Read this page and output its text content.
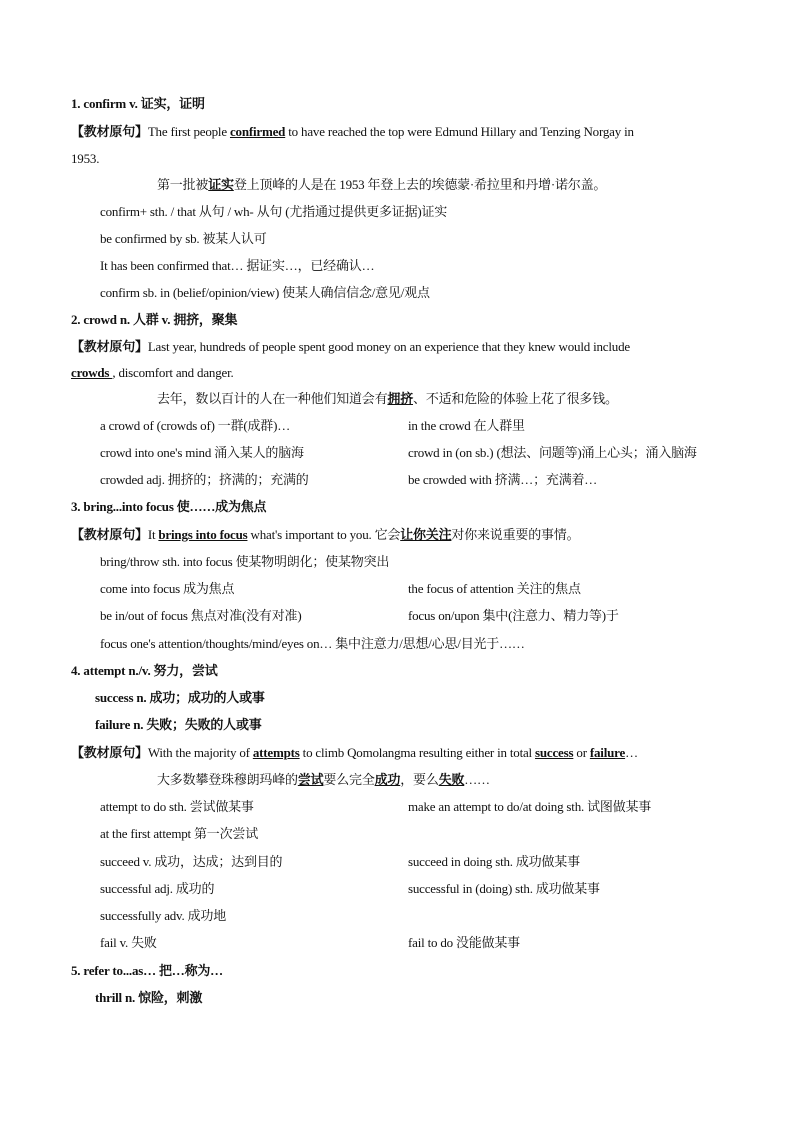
1. confirm v. 证实，证明
【教材原句】The first people confirmed to have reached the top were Edmund Hillary and Tenzing Norgay in
1953.
第一批被证实登上顶峰的人是在 1953 年登上去的埃德蒙·希拉里和丹增·诺尔盖。
confirm+ sth. / that 从句 / wh- 从句 (尤指通过提供更多证据)证实
be confirmed by sb. 被某人认可
It has been confirmed that… 据证实…，已经确认…
confirm sb. in (belief/opinion/view) 使某人确信信念/意见/观点
2. crowd n. 人群 v. 拥挤，聚集
【教材原句】Last year, hundreds of people spent good money on an experience that they knew would include
crowds , discomfort and danger.
去年，数以百计的人在一种他们知道会有拥挤、不适和危险的体验上花了很多钱。
a crowd of (crowds of) 一群(成群)…	in the crowd 在人群里
crowd into one's mind 涌入某人的脑海	crowd in (on sb.) (想法、问题等)涌上心头；涌入脑海
crowded adj. 拥挤的；挤满的；充满的	be crowded with 挤满…；充满着…
3. bring...into focus 使……成为焦点
【教材原句】It brings into focus what's important to you. 它会让你关注对你来说重要的事情。
bring/throw sth. into focus 使某物明朗化；使某物突出
come into focus 成为焦点	the focus of attention 关注的焦点
be in/out of focus 焦点对准(没有对准)	focus on/upon 集中(注意力、精力等)于
focus one's attention/thoughts/mind/eyes on… 集中注意力/思想/心思/目光于……
4. attempt n./v. 努力，尝试
success n. 成功；成功的人或事
failure n. 失败；失败的人或事
【教材原句】With the majority of attempts to climb Qomolangma resulting either in total success or failure…
大多数攀登珠穆朗玛峰的尝试要么完全成功，要么失败……
attempt to do sth. 尝试做某事	make an attempt to do/at doing sth. 试图做某事
at the first attempt 第一次尝试
succeed v. 成功，达成；达到目的	succeed in doing sth. 成功做某事
successful adj. 成功的	successful in (doing) sth. 成功做某事
successfully adv. 成功地
fail v. 失败	fail to do 没能做某事
5. refer to...as… 把…称为…
thrill n. 惊险，刺激
